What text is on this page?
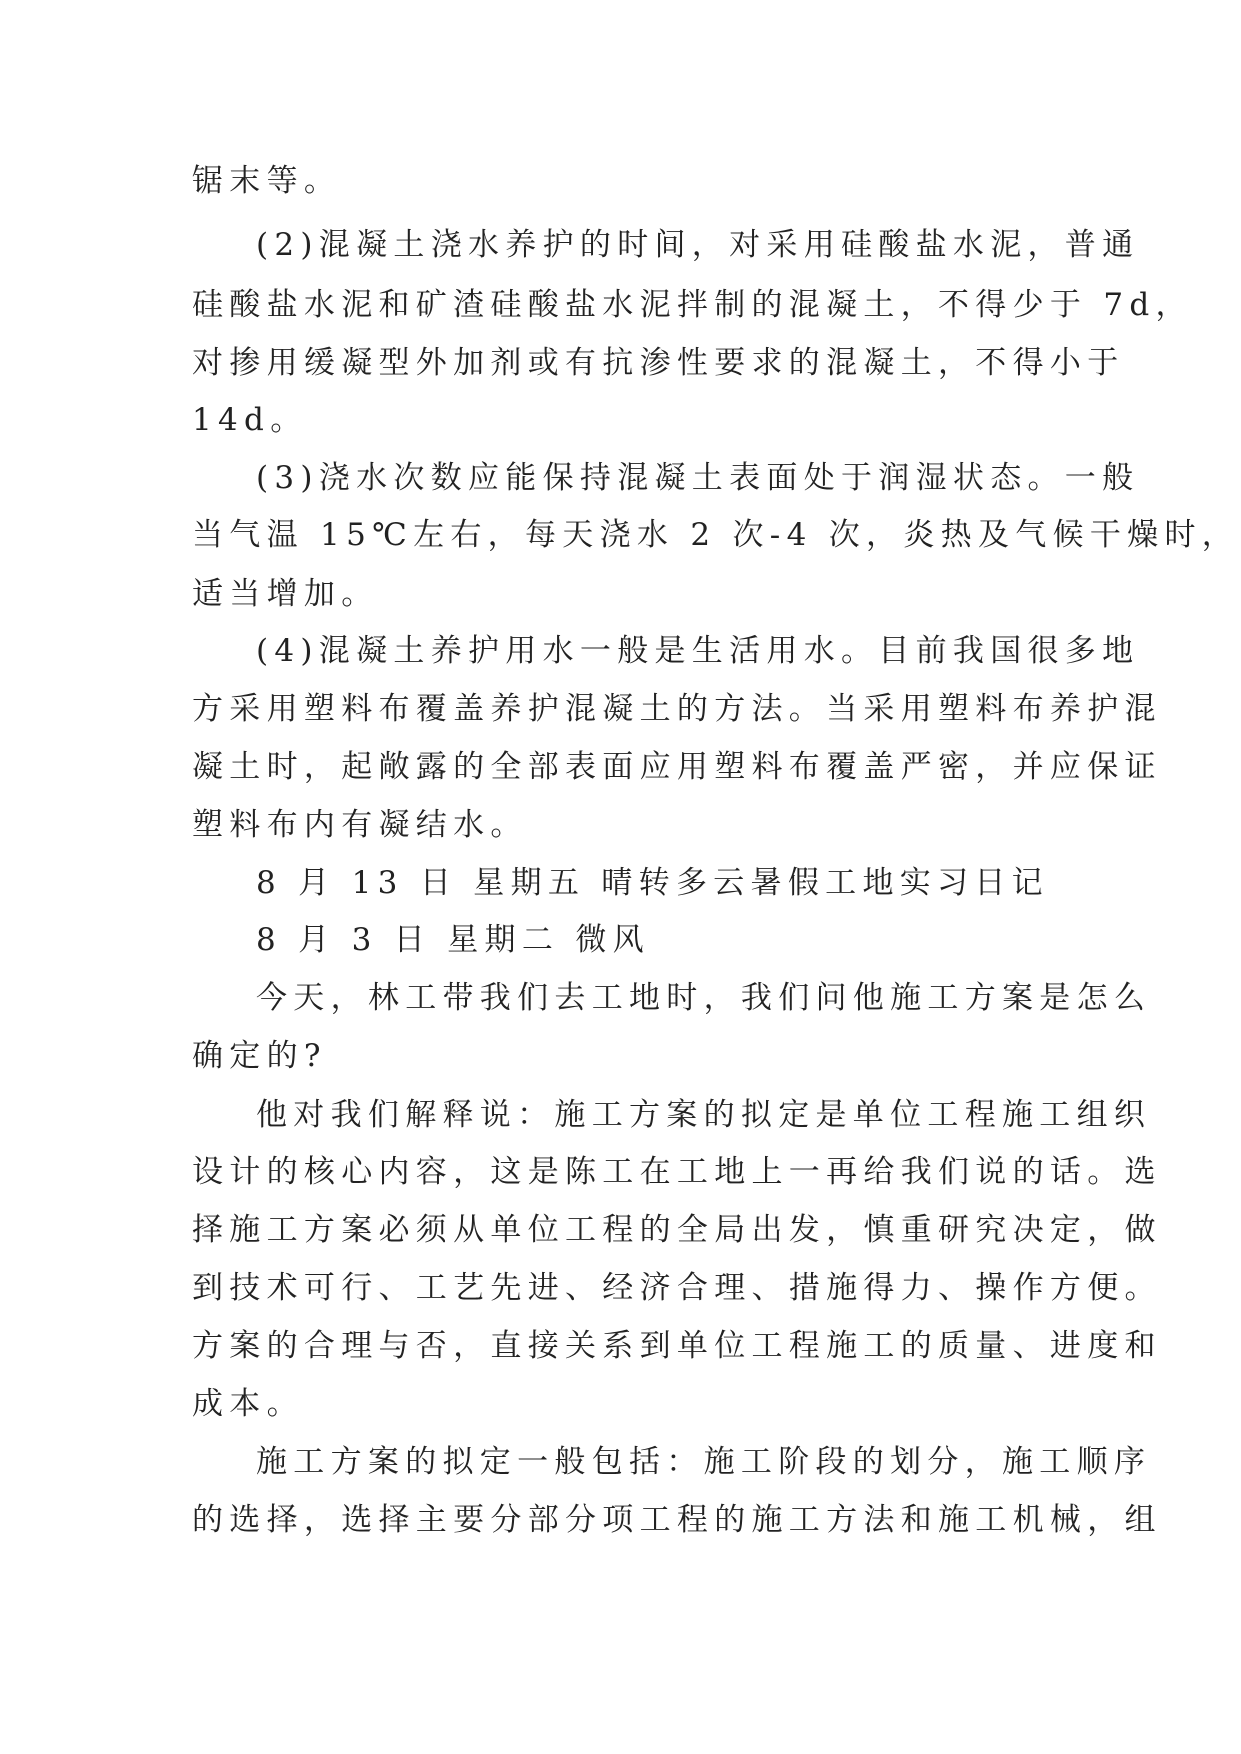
锯末等。

(2)混凝土浇水养护的时间，对采用硅酸盐水泥，普通

硅酸盐水泥和矿渣硅酸盐水泥拌制的混凝土，不得少于 7d，

对掺用缓凝型外加剂或有抗渗性要求的混凝土，不得小于

14d。

(3)浇水次数应能保持混凝土表面处于润湿状态。一般

当气温 15℃左右，每天浇水 2 次-4 次，炎热及气候干燥时，

适当增加。

(4)混凝土养护用水一般是生活用水。目前我国很多地

方采用塑料布覆盖养护混凝土的方法。当采用塑料布养护混

凝土时，起敞露的全部表面应用塑料布覆盖严密，并应保证

塑料布内有凝结水。

8 月 13 日 星期五 晴转多云暑假工地实习日记

8 月 3 日 星期二 微风

今天，林工带我们去工地时，我们问他施工方案是怎么

确定的?

他对我们解释说：施工方案的拟定是单位工程施工组织

设计的核心内容，这是陈工在工地上一再给我们说的话。选

择施工方案必须从单位工程的全局出发，慎重研究决定，做

到技术可行、工艺先进、经济合理、措施得力、操作方便。

方案的合理与否，直接关系到单位工程施工的质量、进度和

成本。

施工方案的拟定一般包括：施工阶段的划分，施工顺序

的选择，选择主要分部分项工程的施工方法和施工机械，组
